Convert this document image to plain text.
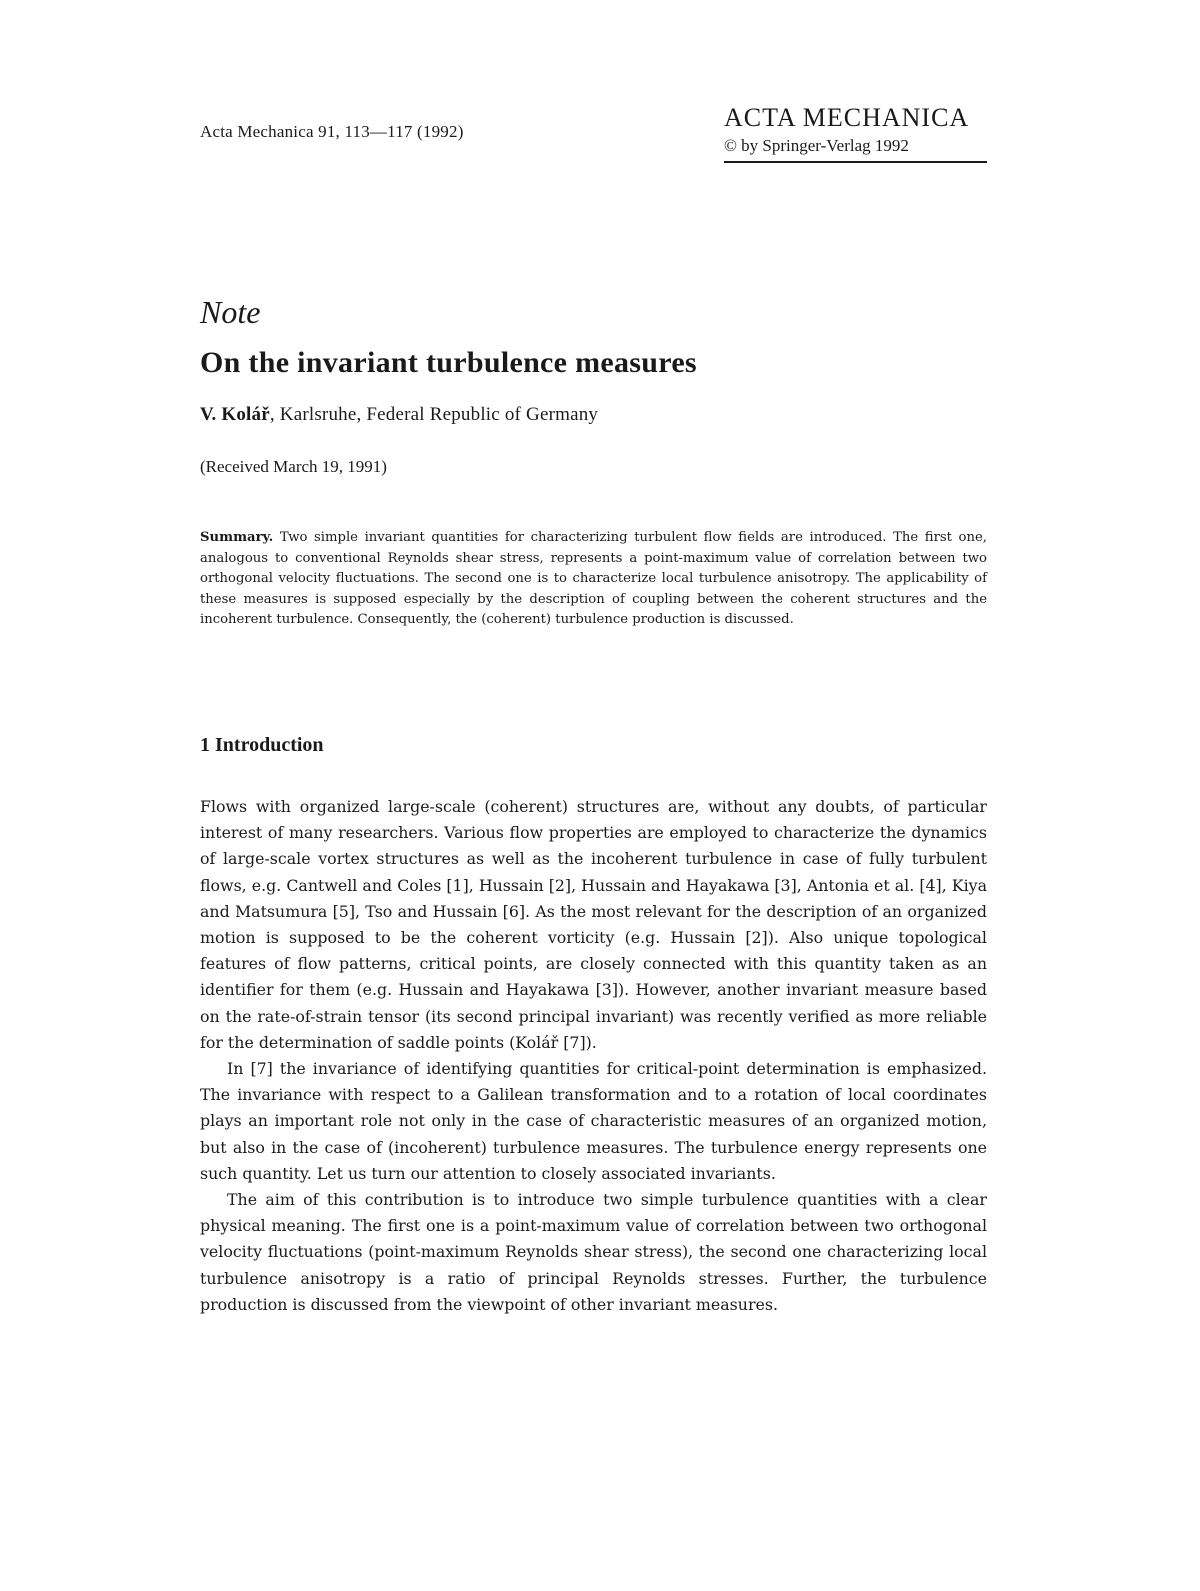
Acta Mechanica 91, 113—117 (1992)	ACTA MECHANICA
© by Springer-Verlag 1992
Note
On the invariant turbulence measures
V. Kolář, Karlsruhe, Federal Republic of Germany
(Received March 19, 1991)
Summary. Two simple invariant quantities for characterizing turbulent flow fields are introduced. The first one, analogous to conventional Reynolds shear stress, represents a point-maximum value of correlation between two orthogonal velocity fluctuations. The second one is to characterize local turbulence anisotropy. The applicability of these measures is supposed especially by the description of coupling between the coherent structures and the incoherent turbulence. Consequently, the (coherent) turbulence production is discussed.
1 Introduction

Flows with organized large-scale (coherent) structures are, without any doubts, of particular interest of many researchers. Various flow properties are employed to characterize the dynamics of large-scale vortex structures as well as the incoherent turbulence in case of fully turbulent flows, e.g. Cantwell and Coles [1], Hussain [2], Hussain and Hayakawa [3], Antonia et al. [4], Kiya and Matsumura [5], Tso and Hussain [6]. As the most relevant for the description of an organized motion is supposed to be the coherent vorticity (e.g. Hussain [2]). Also unique topological features of flow patterns, critical points, are closely connected with this quantity taken as an identifier for them (e.g. Hussain and Hayakawa [3]). However, another invariant measure based on the rate-of-strain tensor (its second principal invariant) was recently verified as more reliable for the determination of saddle points (Kolář [7]).

In [7] the invariance of identifying quantities for critical-point determination is emphasized. The invariance with respect to a Galilean transformation and to a rotation of local coordinates plays an important role not only in the case of characteristic measures of an organized motion, but also in the case of (incoherent) turbulence measures. The turbulence energy represents one such quantity. Let us turn our attention to closely associated invariants.

The aim of this contribution is to introduce two simple turbulence quantities with a clear physical meaning. The first one is a point-maximum value of correlation between two orthogonal velocity fluctuations (point-maximum Reynolds shear stress), the second one characterizing local turbulence anisotropy is a ratio of principal Reynolds stresses. Further, the turbulence production is discussed from the viewpoint of other invariant measures.
